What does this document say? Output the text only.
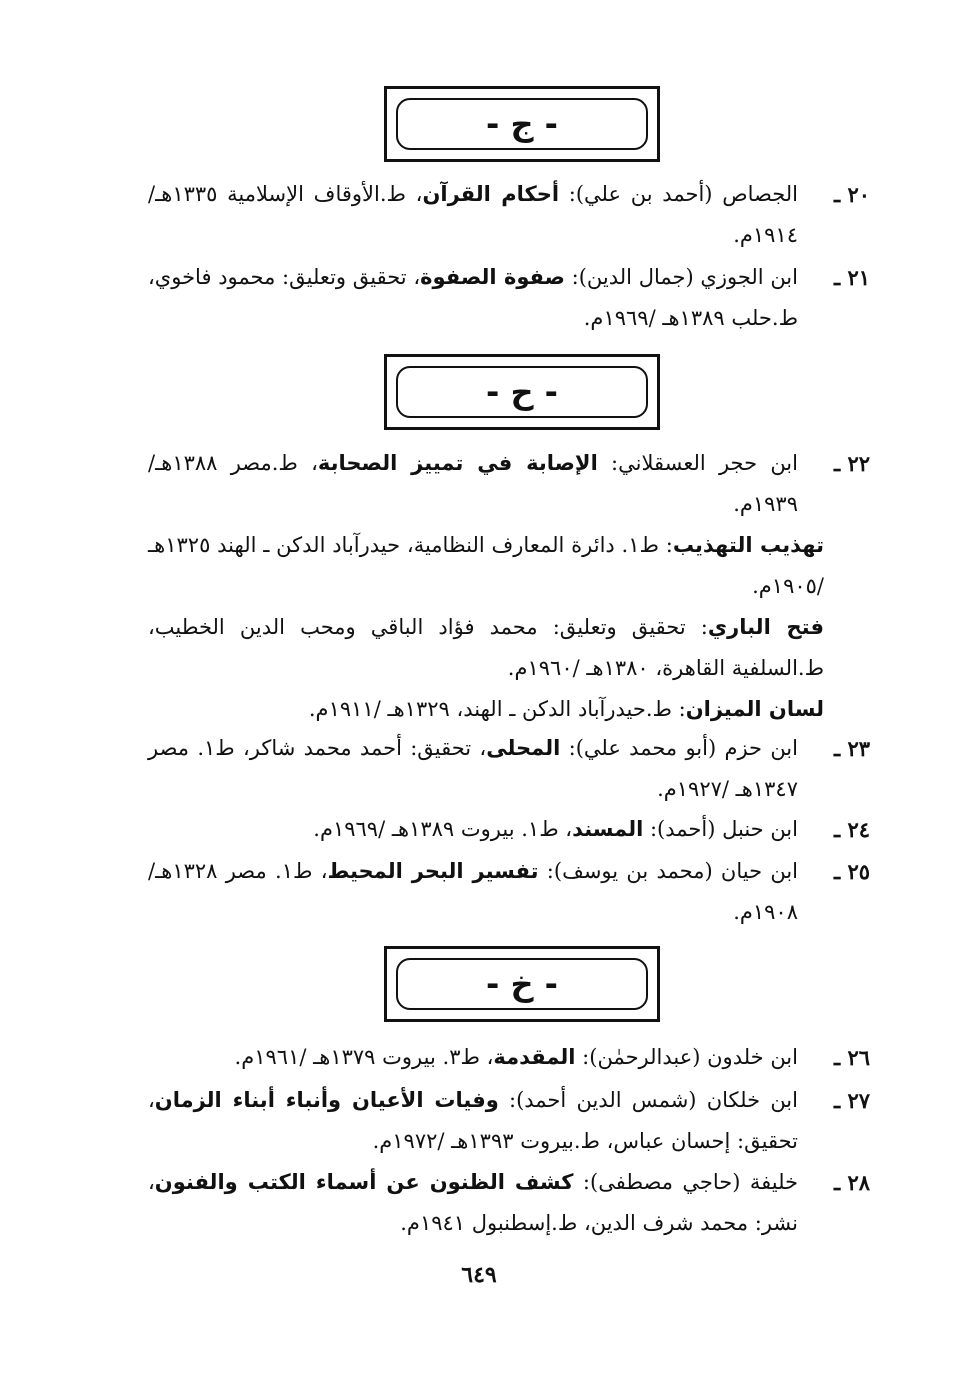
- ج -
٢٠ ـ
الجصاص (أحمد بن علي): أحكام القرآن، ط.الأوقاف الإسلامية ١٣٣٥هـ/ ١٩١٤م.
٢١ ـ
ابن الجوزي (جمال الدين): صفوة الصفوة، تحقيق وتعليق: محمود فاخوي، ط.حلب ١٣٨٩هـ /١٩٦٩م.
- ح -
٢٢ ـ
ابن حجر العسقلاني: الإصابة في تمييز الصحابة، ط.مصر ١٣٨٨هـ/ ١٩٣٩م.
تهذيب التهذيب: ط١. دائرة المعارف النظامية، حيدرآباد الدكن ـ الهند ١٣٢٥هـ /١٩٠٥م.
فتح الباري: تحقيق وتعليق: محمد فؤاد الباقي ومحب الدين الخطيب، ط.السلفية القاهرة، ١٣٨٠هـ /١٩٦٠م.
لسان الميزان: ط.حيدرآباد الدكن ـ الهند، ١٣٢٩هـ /١٩١١م.
٢٣ ـ
ابن حزم (أبو محمد علي): المحلى، تحقيق: أحمد محمد شاكر، ط١. مصر ١٣٤٧هـ /١٩٢٧م.
٢٤ ـ
ابن حنبل (أحمد): المسند، ط١. بيروت ١٣٨٩هـ /١٩٦٩م.
٢٥ ـ
ابن حيان (محمد بن يوسف): تفسير البحر المحيط، ط١. مصر ١٣٢٨هـ/ ١٩٠٨م.
- خ -
٢٦ ـ
ابن خلدون (عبدالرحمٰن): المقدمة، ط٣. بيروت ١٣٧٩هـ /١٩٦١م.
٢٧ ـ
ابن خلكان (شمس الدين أحمد): وفيات الأعيان وأنباء أبناء الزمان، تحقيق: إحسان عباس، ط.بيروت ١٣٩٣هـ /١٩٧٢م.
٢٨ ـ
خليفة (حاجي مصطفى): كشف الظنون عن أسماء الكتب والفنون، نشر: محمد شرف الدين، ط.إسطنبول ١٩٤١م.
٦٤٩
